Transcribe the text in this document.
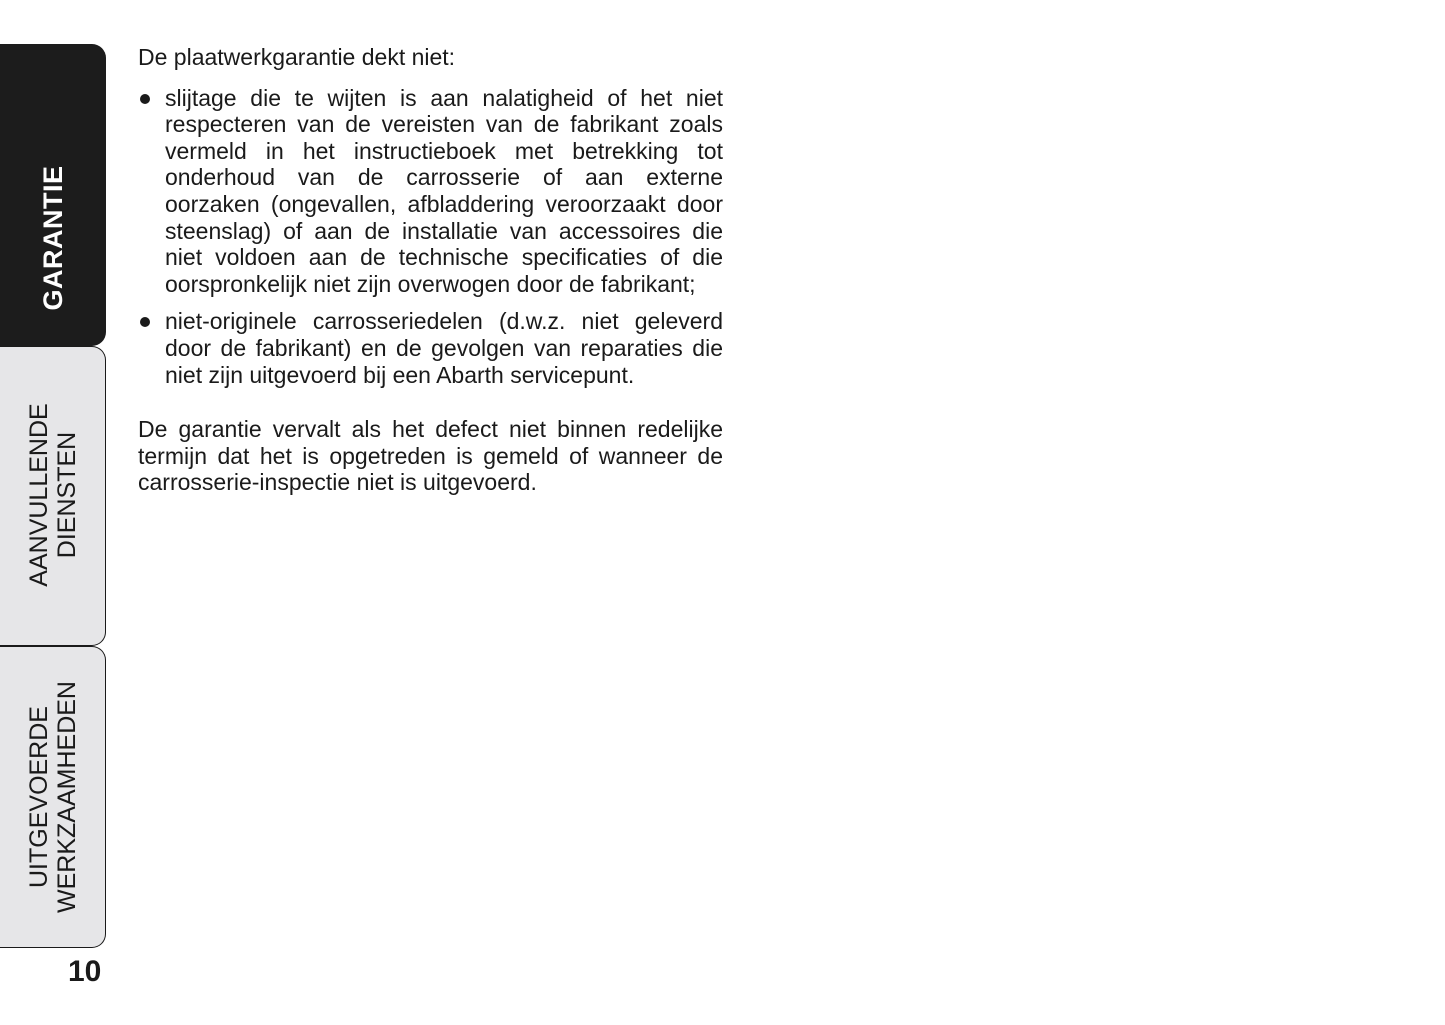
GARANTIE
AANVULLENDE DIENSTEN
UITGEVOERDE WERKZAAMHEDEN
10

De plaatwerkgarantie dekt niet:

slijtage die te wijten is aan nalatigheid of het niet respecteren van de vereisten van de fabrikant zoals vermeld in het instructieboek met betrekking tot onderhoud van de carrosserie of aan externe oorzaken (ongevallen, afbladdering veroorzaakt door steenslag) of aan de installatie van accessoires die niet voldoen aan de technische specificaties of die oorspronkelijk niet zijn overwogen door de fabrikant;
niet-originele carrosseriedelen (d.w.z. niet geleverd door de fabrikant) en de gevolgen van reparaties die niet zijn uitgevoerd bij een Abarth servicepunt.

De garantie vervalt als het defect niet binnen redelijke termijn dat het is opgetreden is gemeld of wanneer de carrosserie-inspectie niet is uitgevoerd.
